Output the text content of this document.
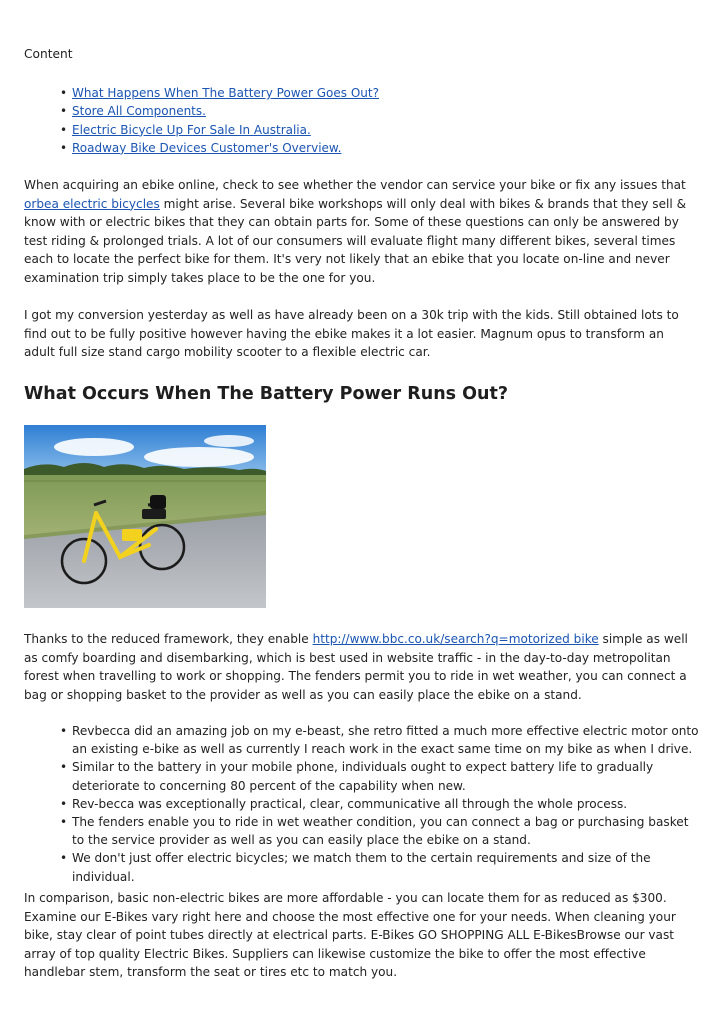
Content
• What Happens When The Battery Power Goes Out?
• Store All Components.
• Electric Bicycle Up For Sale In Australia.
• Roadway Bike Devices Customer's Overview.

When acquiring an ebike online, check to see whether the vendor can service your bike or fix any issues that orbea electric bicycles might arise. Several bike workshops will only deal with bikes & brands that they sell & know with or electric bikes that they can obtain parts for. Some of these questions can only be answered by test riding & prolonged trials. A lot of our consumers will evaluate flight many different bikes, several times each to locate the perfect bike for them. It's very not likely that an ebike that you locate on-line and never examination trip simply takes place to be the one for you.

I got my conversion yesterday as well as have already been on a 30k trip with the kids. Still obtained lots to find out to be fully positive however having the ebike makes it a lot easier. Magnum opus to transform an adult full size stand cargo mobility scooter to a flexible electric car.

What Occurs When The Battery Power Runs Out?

Thanks to the reduced framework, they enable http://www.bbc.co.uk/search?q=motorized bike simple as well as comfy boarding and disembarking, which is best used in website traffic - in the day-to-day metropolitan forest when travelling to work or shopping. The fenders permit you to ride in wet weather, you can connect a bag or shopping basket to the provider as well as you can easily place the ebike on a stand.

• Revbecca did an amazing job on my e-beast, she retro fitted a much more effective electric motor onto an existing e-bike as well as currently I reach work in the exact same time on my bike as when I drive.
• Similar to the battery in your mobile phone, individuals ought to expect battery life to gradually deteriorate to concerning 80 percent of the capability when new.
• Rev-becca was exceptionally practical, clear, communicative all through the whole process.
• The fenders enable you to ride in wet weather condition, you can connect a bag or purchasing basket to the service provider as well as you can easily place the ebike on a stand.
• We don't just offer electric bicycles; we match them to the certain requirements and size of the individual.

In comparison, basic non-electric bikes are more affordable - you can locate them for as reduced as $300. Examine our E-Bikes vary right here and choose the most effective one for your needs. When cleaning your bike, stay clear of point tubes directly at electrical parts. E-Bikes GO SHOPPING ALL E-BikesBrowse our vast array of top quality Electric Bikes. Suppliers can likewise customize the bike to offer the most effective handlebar stem, transform the seat or tires etc to match you.
